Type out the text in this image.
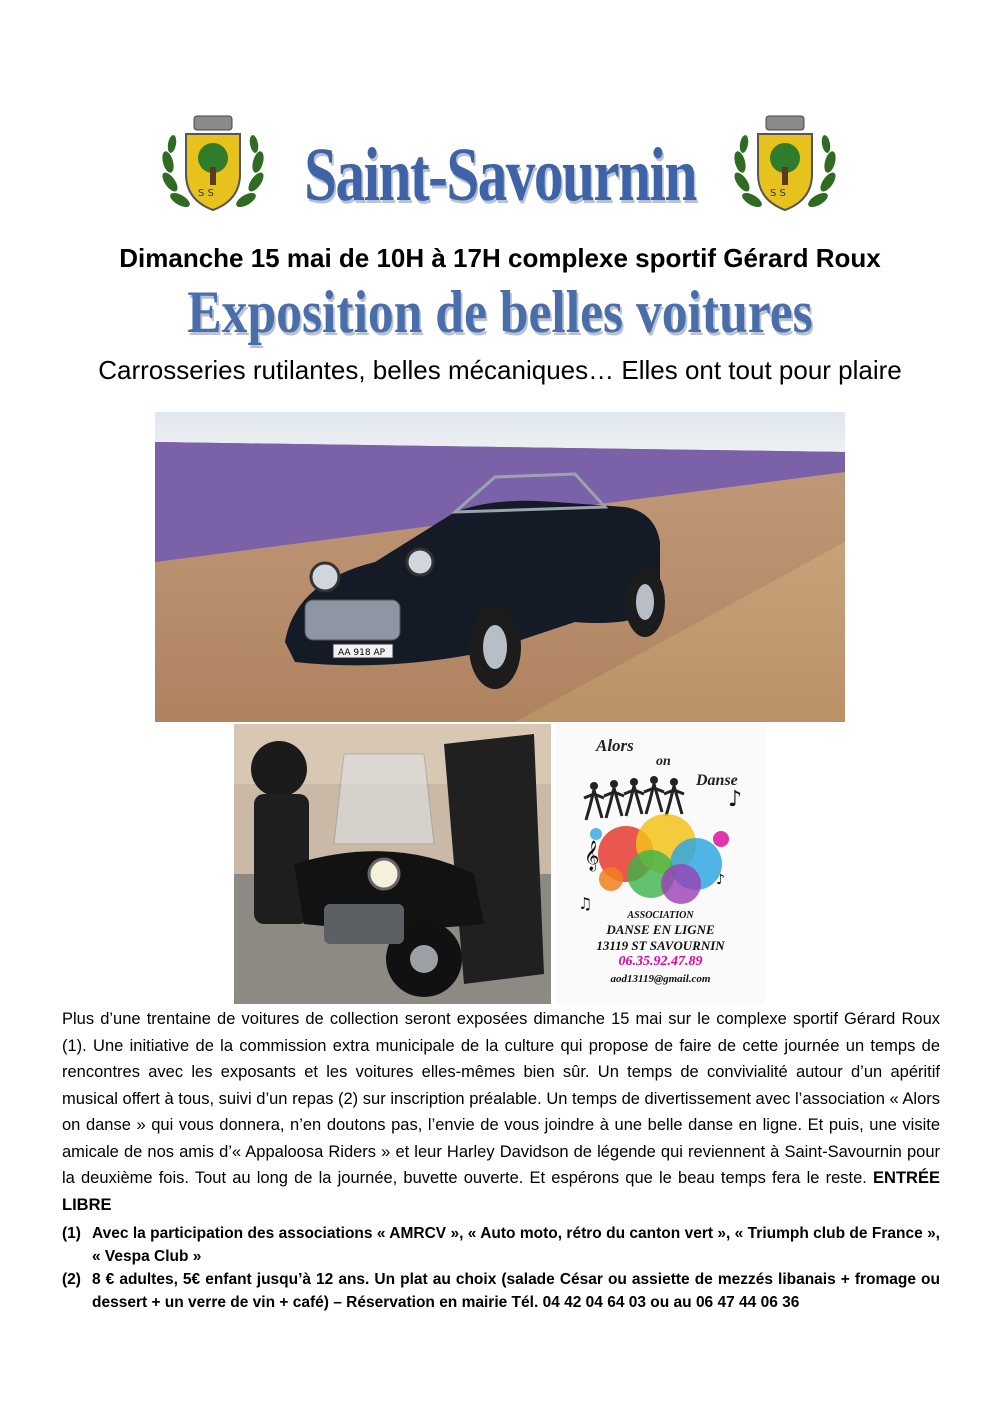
S S	S S
Saint-Savournin
Dimanche 15 mai de 10H à 17H complexe sportif Gérard Roux
Exposition de belles voitures
Carrosseries rutilantes, belles mécaniques… Elles ont tout pour plaire
AA 918 AP
♪
𝄞
♫
♪
Alors
on
Danse
ASSOCIATION
DANSE EN LIGNE
13119 ST SAVOURNIN
06.35.92.47.89
aod13119@gmail.com
Plus d’une trentaine de voitures de collection seront exposées dimanche 15 mai sur le complexe sportif Gérard Roux (1). Une initiative de la commission extra municipale de la culture qui propose de faire de cette journée un temps de rencontres avec les exposants et les voitures elles-mêmes bien sûr. Un temps de convivialité autour d’un apéritif musical offert à tous, suivi d’un repas (2) sur inscription préalable. Un temps de divertissement avec l’association « Alors on danse » qui vous donnera, n’en doutons pas, l’envie de vous joindre à une belle danse en ligne. Et puis, une visite amicale de nos amis d’« Appaloosa Riders » et leur Harley Davidson de légende qui reviennent à Saint-Savournin pour la deuxième fois. Tout au long de la journée, buvette ouverte. Et espérons que le beau temps fera le reste. ENTRÉE LIBRE
(1) Avec la participation des associations « AMRCV », « Auto moto, rétro du canton vert », « Triumph club de France », « Vespa Club »
(2) 8 € adultes, 5€ enfant jusqu’à 12 ans. Un plat au choix (salade César ou assiette de mezzés libanais + fromage ou dessert + un verre de vin + café) – Réservation en mairie Tél. 04 42 04 64 03 ou au 06 47 44 06 36
